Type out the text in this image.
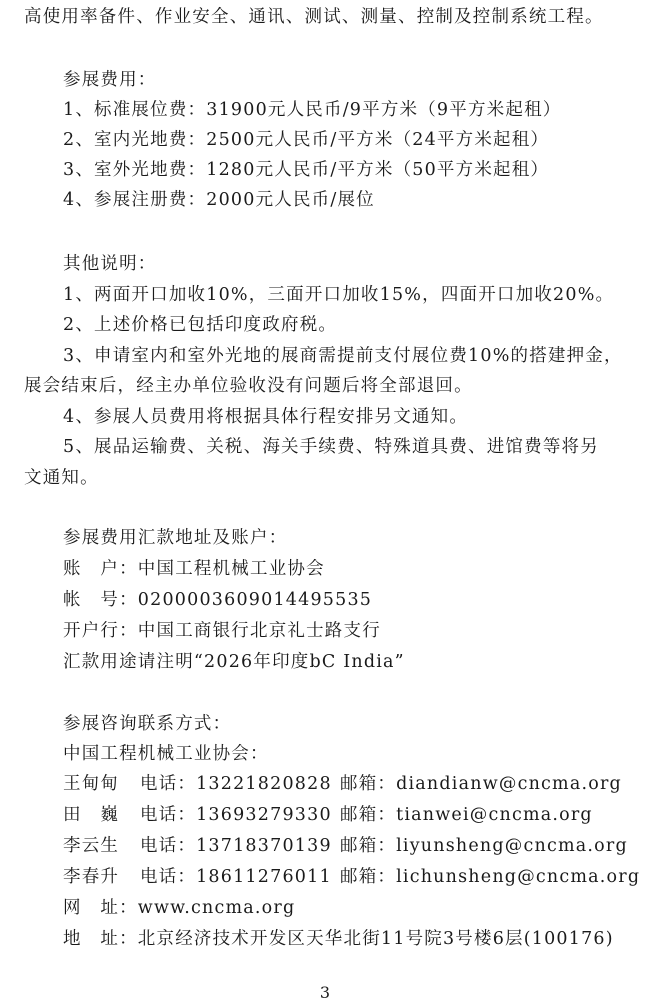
高使用率备件、作业安全、通讯、测试、测量、控制及控制系统工程。
参展费用：
1、标准展位费：31900元人民币/9平方米（9平方米起租）
2、室内光地费：2500元人民币/平方米（24平方米起租）
3、室外光地费：1280元人民币/平方米（50平方米起租）
4、参展注册费：2000元人民币/展位
其他说明：
1、两面开口加收10%，三面开口加收15%，四面开口加收20%。
2、上述价格已包括印度政府税。
3、申请室内和室外光地的展商需提前支付展位费10%的搭建押金，
展会结束后，经主办单位验收没有问题后将全部退回。
4、参展人员费用将根据具体行程安排另文通知。
5、展品运输费、关税、海关手续费、特殊道具费、进馆费等将另
文通知。
参展费用汇款地址及账户：
账　户：中国工程机械工业协会
帐　号：0200003609014495535
开户行：中国工商银行北京礼士路支行
汇款用途请注明“2026年印度bC India”
参展咨询联系方式：
中国工程机械工业协会：
王甸甸 电话：13221820828 邮箱：diandianw@cncma.org
田　巍 电话：13693279330 邮箱：tianwei@cncma.org
李云生 电话：13718370139 邮箱：liyunsheng@cncma.org
李春升 电话：18611276011 邮箱：lichunsheng@cncma.org
网　址：www.cncma.org
地　址：北京经济技术开发区天华北街11号院3号楼6层(100176)
3
